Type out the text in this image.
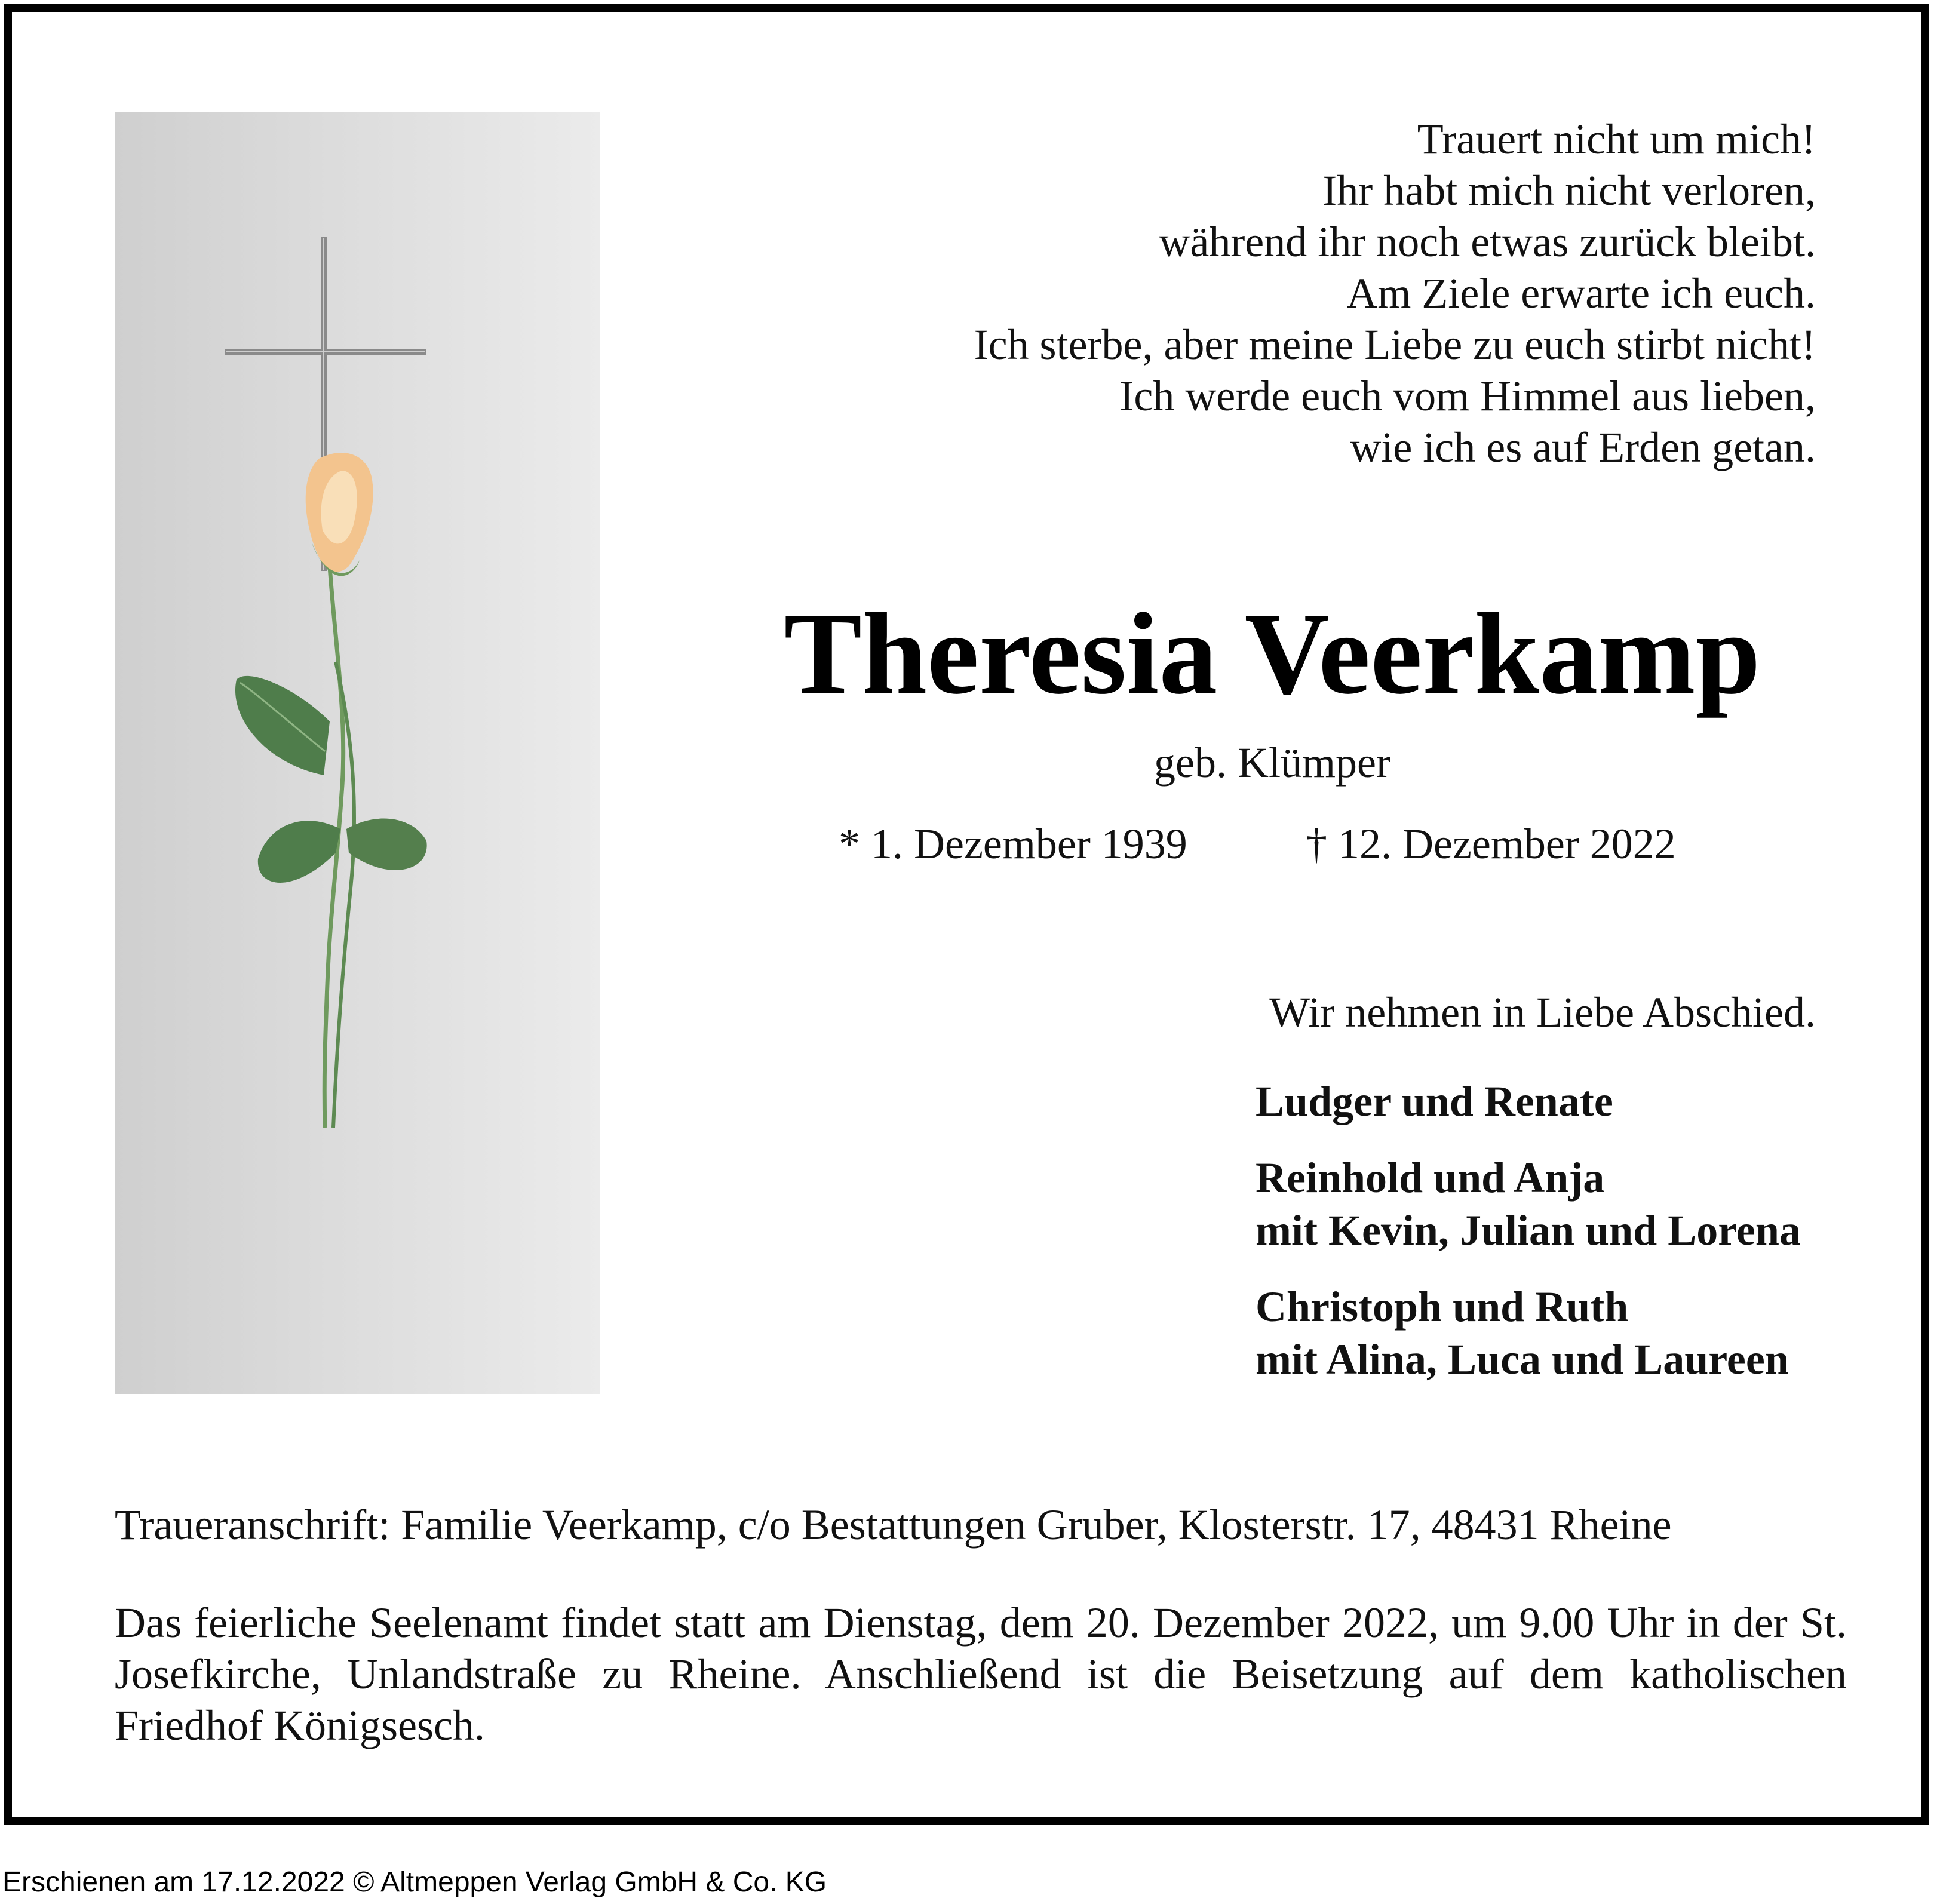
Trauert nicht um mich!
Ihr habt mich nicht verloren,
während ihr noch etwas zurück bleibt.
Am Ziele erwarte ich euch.
Ich sterbe, aber meine Liebe zu euch stirbt nicht!
Ich werde euch vom Himmel aus lieben,
wie ich es auf Erden getan.
Theresia Veerkamp
geb. Klümper
* 1. Dezember 1939	† 12. Dezember 2022
Wir nehmen in Liebe Abschied.
Ludger und Renate
Reinhold und Anja
mit Kevin, Julian und Lorena
Christoph und Ruth
mit Alina, Luca und Laureen
Traueranschrift: Familie Veerkamp, c/o Bestattungen Gruber, Klosterstr. 17, 48431 Rheine
Das feierliche Seelenamt findet statt am Dienstag, dem 20. Dezember 2022, um 9.00 Uhr in der St. Josefkirche, Unlandstraße zu Rheine. Anschließend ist die Beisetzung auf dem katholischen Friedhof Königsesch.
Erschienen am 17.12.2022 © Altmeppen Verlag GmbH & Co. KG
